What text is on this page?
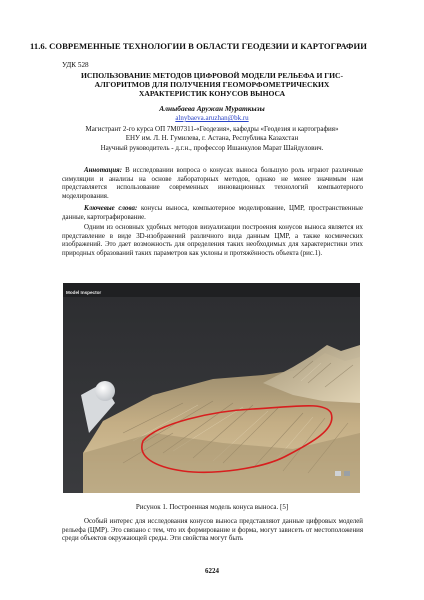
11.6. СОВРЕМЕННЫЕ ТЕХНОЛОГИИ В ОБЛАСТИ ГЕОДЕЗИИ И КАРТОГРАФИИ
УДК 528
ИСПОЛЬЗОВАНИЕ МЕТОДОВ ЦИФРОВОЙ МОДЕЛИ РЕЛЬЕФА И ГИС-
АЛГОРИТМОВ ДЛЯ ПОЛУЧЕНИЯ ГЕОМОРФОМЕТРИЧЕСКИХ
ХАРАКТЕРИСТИК КОНУСОВ ВЫНОСА
Алныбаева Аружан Мураткызы
alnybaeva.aruzhan@bk.ru
Магистрант 2-го курса ОП 7M07311-«Геодезия», кафедры «Геодезия и картография»
ЕНУ им. Л. Н. Гумилева, г. Астана, Республика Казахстан
Научный руководитель - д.г.н., профессор Ишанкулов Марат Шайдулович.
Аннотация: В исследовании вопроса о конусах выноса большую роль играют различные симуляции и анализы на основе лабораторных методов, однако не менее значимым нам представляется использование современных инновационных технологий компьютерного моделирования.
Ключевые слова: конусы выноса, компьютерное моделирование, ЦМР, пространственные данные, картографирование.
Одним из основных удобных методов визуализации построения конусов выноса является их представление в виде 3D-изображений различного вида данным ЦМР, а также космических изображений. Это дает возможность для определения таких необходимых для характеристики этих природных образований таких параметров как уклоны и протяжённость объекта (рис.1).
Model Inspector
Рисунок 1. Построенная модель конуса выноса. [5]
Особый интерес для исследования конусов выноса представляют данные цифровых моделей рельефа (ЦМР). Это связано с тем, что их формирование и форма, могут зависеть от местоположения среди объектов окружающей среды. Эти свойства могут быть
6224
